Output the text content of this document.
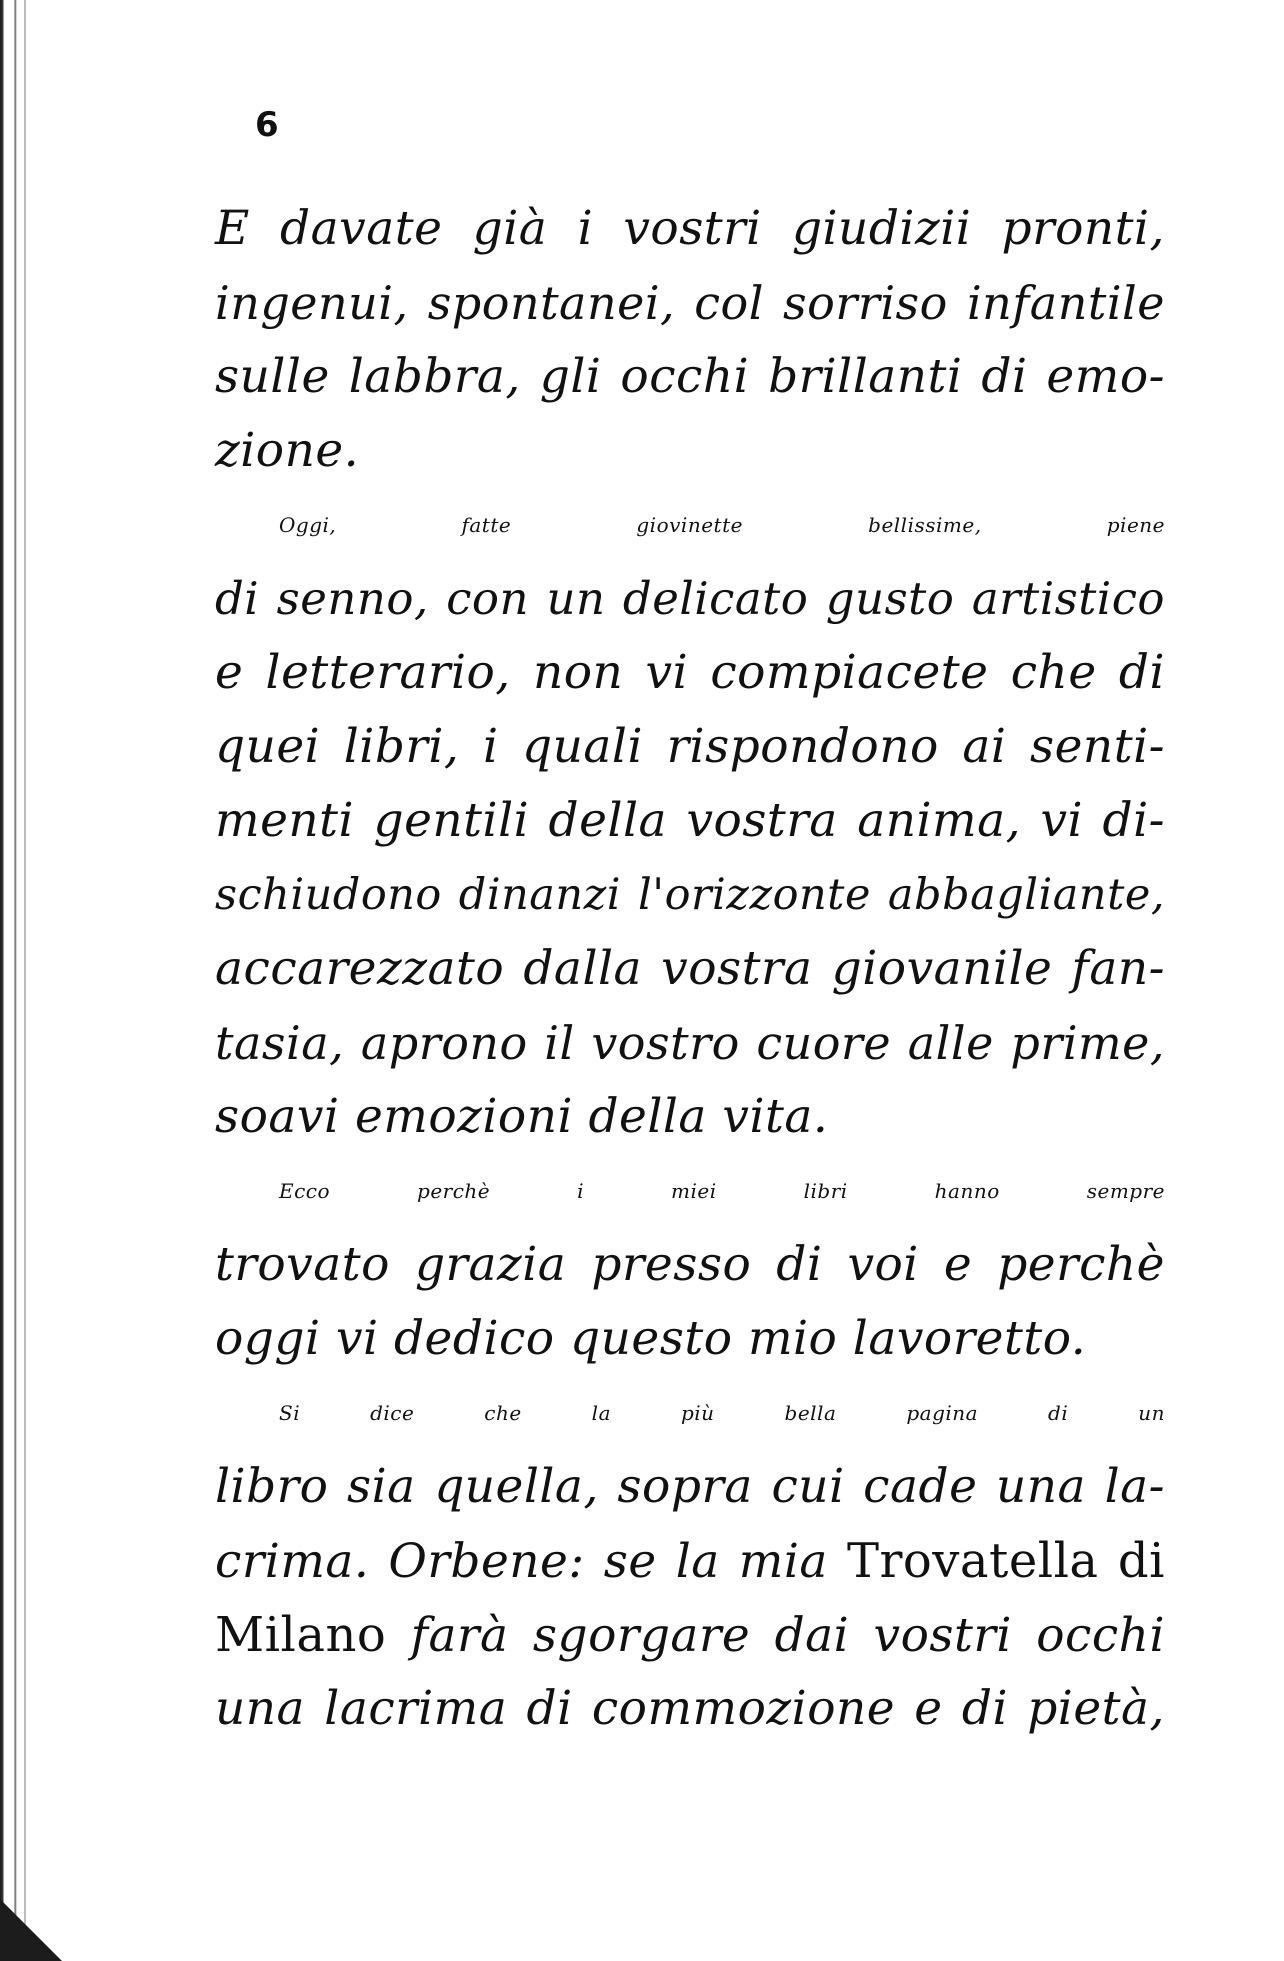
6
E davate già i vostri giudizii pronti,
ingenui, spontanei, col sorriso infantile
sulle labbra, gli occhi brillanti di emo-
zione.
Oggi, fatte giovinette bellissime, piene
di senno, con un delicato gusto artistico
e letterario, non vi compiacete che di
quei libri, i quali rispondono ai senti-
menti gentili della vostra anima, vi di-
schiudono dinanzi l'orizzonte abbagliante,
accarezzato dalla vostra giovanile fan-
tasia, aprono il vostro cuore alle prime,
soavi emozioni della vita.
Ecco perchè i miei libri hanno sempre
trovato grazia presso di voi e perchè
oggi vi dedico questo mio lavoretto.
Si dice che la più bella pagina di un
libro sia quella, sopra cui cade una la-
crima. Orbene: se la mia Trovatella di
Milano farà sgorgare dai vostri occhi
una lacrima di commozione e di pietà,
